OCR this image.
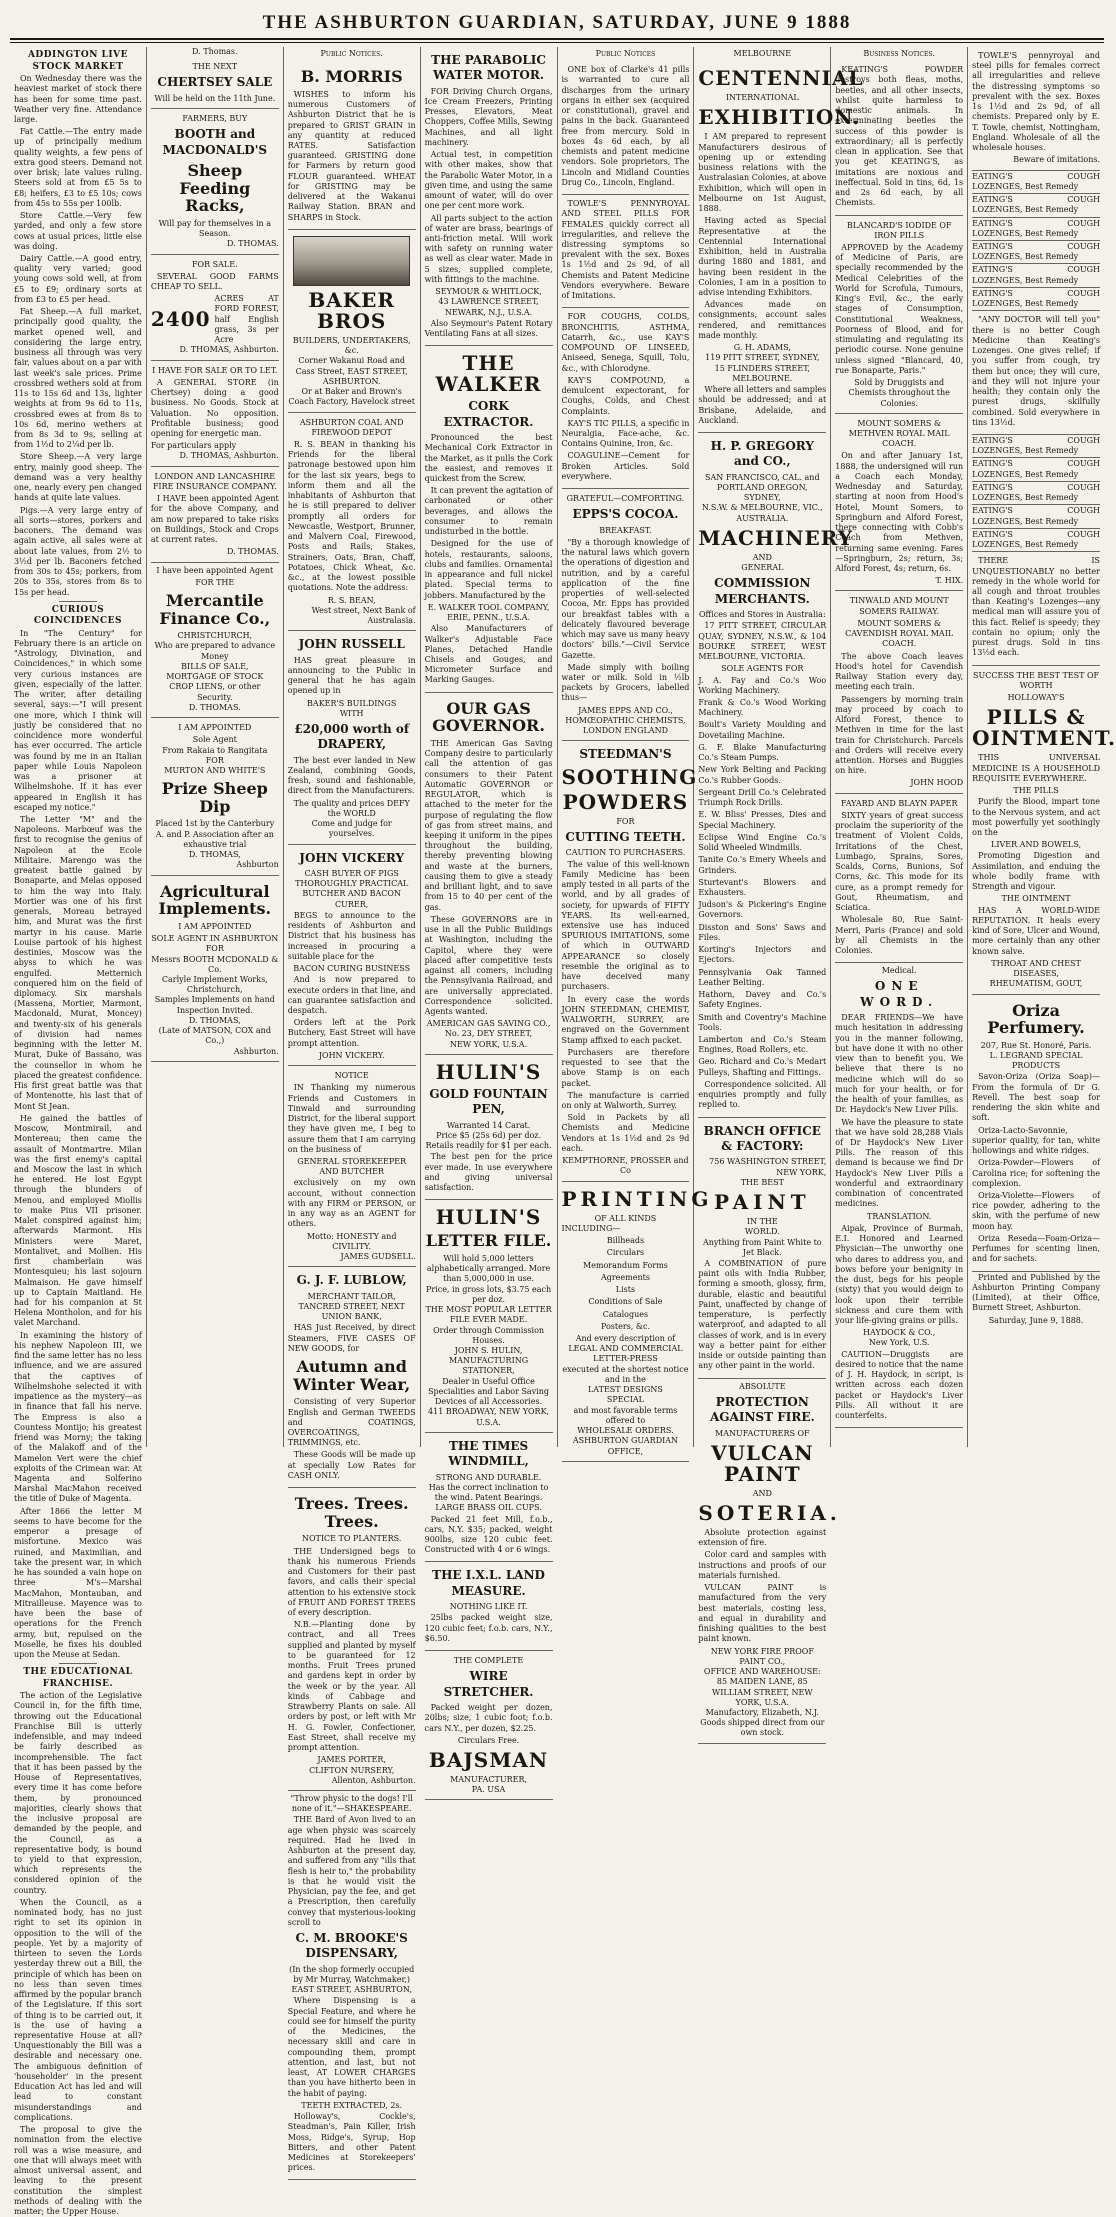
THE ASHBURTON GUARDIAN, SATURDAY, JUNE 9 1888
ADDINGTON LIVE STOCK MARKET

On Wednesday there was the heaviest market of stock there has been for some time past. Weather very fine. Attendance large.

Fat Cattle.—The entry made up of principally medium quality weights, a few pens of extra good steers. Demand not over brisk; late values ruling. Steers sold at from £5 5s to £8; heifers, £3 to £5 10s; cows from 45s to 55s per 100lb.

Store Cattle.—Very few yarded, and only a few store cows at usual prices, little else was doing.

Dairy Cattle.—A good entry, quality very varied; good young cows sold well, at from £5 to £9; ordinary sorts at from £3 to £5 per head.

Fat Sheep.—A full market, principally good quality, the market opened well, and considering the large entry, business all through was very fair, values about on a par with last week's sale prices. Prime crossbred wethers sold at from 11s to 15s 6d and 13s, lighter weights at from 9s 6d to 11s, crossbred ewes at from 8s to 10s 6d, merino wethers at from 8s 3d to 9s, selling at from 1½d to 2¼d per lb.

Store Sheep.—A very large entry, mainly good sheep. The demand was a very healthy one, nearly every pen changed hands at quite late values.

Pigs.—A very large entry of all sorts—stores, porkers and baconers. The demand was again active, all sales were at about late values, from 2½ to 3½d per lb. Baconers fetched from 30s to 45s; porkers, from 20s to 35s, stores from 8s to 15s per head.

CURIOUS COINCIDENCES

In "The Century" for February there is an article on "Astrology, Divination, and Coincidences," in which some very curious instances are given, especially of the latter. The writer, after detailing several, says:—"I will present one more, which I think will justly be considered that no coincidence more wonderful has ever occurred. The article was found by me in an Italian paper while Louis Napoleon was a prisoner at Wilhelmshohe. If it has ever appeared in English it has escaped my notice."

The Letter "M" and the Napoleons. Marbœuf was the first to recognise the genius of Napoleon at the Ecole Militaire. Marengo was the greatest battle gained by Bonaparte, and Melas opposed to him the way into Italy. Mortier was one of his first generals, Moreau betrayed him, and Murat was the first martyr in his cause. Marie Louise partook of his highest destinies, Moscow was the abyss to which he was engulfed. Metternich conquered him on the field of diplomacy. Six marshals (Massena, Mortier, Marmont, Macdonald, Murat, Moncey) and twenty-six of his generals of division had names beginning with the letter M. Murat, Duke of Bassano, was the counsellor in whom he placed the greatest confidence. His first great battle was that of Montenotte, his last that of Mont St Jean.

He gained the battles of Moscow, Montmirail, and Montereau; then came the assault of Montmartre. Milan was the first enemy's capital and Moscow the last in which he entered. He lost Egypt through the blunders of Menou, and employed Miollis to make Pius VII prisoner. Malet conspired against him; afterwards Marmont. His Ministers were Maret, Montalivet, and Mollien. His first chamberlain was Montesquieu; his last sojourn Malmaison. He gave himself up to Captain Maitland. He had for his companion at St Helena Montholon, and for his valet Marchand.

In examining the history of his nephew Napoleon III, we find the same letter has no less influence, and we are assured that the captives of Wilhelmshohe selected it with impatience as the mystery—as in finance that fall his nerve. The Empress is also a Countess Montijo; his greatest friend was Morny; the taking of the Malakoff and of the Mamelon Vert were the chief exploits of the Crimean war. At Magenta and Solferino Marshal MacMahon received the title of Duke of Magenta.

After 1866 the letter M seems to have become for the emperor a presage of misfortune. Mexico was ruined, and Maximilian, and take the present war, in which he has sounded a vain hope on three M's—Marshal MacMahon, Montauban, and Mitrailleuse. Mayence was to have been the base of operations for the French army, but, repulsed on the Moselle, he fixes his doubled upon the Meuse at Sedan.

THE EDUCATIONAL FRANCHISE.

The action of the Legislative Council in, for the fifth time, throwing out the Educational Franchise Bill is utterly indefensible, and may indeed be fairly described as incomprehensible. The fact that it has been passed by the House of Representatives, every time it has come before them, by pronounced majorities, clearly shows that the inclusive proposal are demanded by the people, and the Council, as a representative body, is bound to yield to that expression, which represents the considered opinion of the country.

When the Council, as a nominated body, has no just right to set its opinion in opposition to the will of the people. Yet by a majority of thirteen to seven the Lords yesterday threw out a Bill, the principle of which has been on no less than seven times affirmed by the popular branch of the Legislature. If this sort of thing is to be carried out, it is the use of having a representative House at all? Unquestionably the Bill was a desirable and necessary one. The ambiguous definition of 'householder' in the present Education Act has led and will lead to constant misunderstandings and complications.

The proposal to give the nomination from the elective roll was a wise measure, and one that will always meet with almost universal assent, and leaving to the present constitution the simplest methods of dealing with the matter; the Upper House.

D. Thomas.
THE NEXT
CHERTSEY SALE
Will be held on the 11th June.
FARMERS, BUY
BOOTH and MACDONALD'S
Sheep Feeding Racks,
Will pay for themselves in a Season.
D. THOMAS.
FOR SALE.

SEVERAL GOOD FARMS CHEAP TO SELL.

2400
ACRES AT FORD FOREST, half English grass, 3s per Acre
D. THOMAS, Ashburton.
I HAVE FOR SALE OR TO LET.

A GENERAL STORE (in Chertsey) doing a good business. No Goods. Stock at Valuation. No opposition. Profitable business; good opening for energetic man.

For particulars apply
D. THOMAS, Ashburton.
LONDON AND LANCASHIRE FIRE INSURANCE COMPANY.

I HAVE been appointed Agent for the above Company, and am now prepared to take risks on Buildings, Stock and Crops at current rates.

D. THOMAS.
I have been appointed Agent
FOR THE
Mercantile Finance Co.,
CHRISTCHURCH,
Who are prepared to advance Money
BILLS OF SALE,
MORTGAGE OF STOCK
CROP LIENS, or other Security.
D. THOMAS.
I AM APPOINTED
Sole Agent
From Rakaia to Rangitata
FOR
MURTON AND WHITE'S
Prize Sheep Dip
Placed 1st by the Canterbury A. and P. Association after an exhaustive trial
D. THOMAS,
Ashburton
Agricultural Implements.
I AM APPOINTED
SOLE AGENT IN ASHBURTON FOR
Messrs BOOTH MCDONALD & Co.
Carlyle Implement Works,
Christchurch,
Samples Implements on hand
Inspection Invited.
D. THOMAS,
(Late of MATSON, COX and Co.,)
Ashburton.
Public Notices.
B. MORRIS

WISHES to inform his numerous Customers of Ashburton District that he is prepared to GRIST GRAIN in any quantity at reduced RATES. Satisfaction guaranteed. GRISTING done for Farmers by return good FLOUR guaranteed. WHEAT for GRISTING may be delivered at the Wakanui Railway Station. BRAN and SHARPS in Stock.

BAKER BROS
BUILDERS, UNDERTAKERS, &c.
Corner Wakanui Road and Cass Street, EAST STREET, ASHBURTON.
Or at Baker and Brown's Coach Factory, Havelock street
ASHBURTON COAL AND FIREWOOD DEPOT

R. S. BEAN in thanking his Friends for the liberal patronage bestowed upon him for the last six years, begs to inform them and all the inhabitants of Ashburton that he is still prepared to deliver promptly all orders for Newcastle, Westport, Brunner, and Malvern Coal, Firewood, Posts and Rails, Stakes, Strainers, Oats, Bran, Chaff, Potatoes, Chick Wheat, &c. &c., at the lowest possible quotations. Note the address:

R. S. BEAN,
West street, Next Bank of Australasia.
JOHN RUSSELL

HAS great pleasure in announcing to the Public in general that he has again opened up in

BAKER'S BUILDINGS
WITH
£20,000 worth of DRAPERY,

The best ever landed in New Zealand, combining Goods, fresh, sound and fashionable, direct from the Manufacturers.

The quality and prices DEFY the WORLD
Come and judge for yourselves.
JOHN VICKERY
CASH BUYER OF PIGS
THOROUGHLY PRACTICAL BUTCHER AND BACON CURER,

BEGS to announce to the residents of Ashburton and District that his business has increased in procuring a suitable place for the

BACON CURING BUSINESS

And is now prepared to execute orders in that line, and can guarantee satisfaction and despatch.

Orders left at the Pork Butchery, East Street will have prompt attention.

JOHN VICKERY.
NOTICE

IN Thanking my numerous Friends and Customers in Tinwald and surrounding District, for the liberal support they have given me, I beg to assure them that I am carrying on the business of

GENERAL STOREKEEPER AND BUTCHER

exclusively on my own account, without connection with any FIRM or PERSON, or in any way as an AGENT for others.

Motto: HONESTY and CIVILITY.
JAMES GUDSELL.
G. J. F. LUBLOW,
MERCHANT TAILOR,
TANCRED STREET, NEXT UNION BANK,

HAS Just Received, by direct Steamers, FIVE CASES OF NEW GOODS, for

Autumn and Winter Wear,

Consisting of very Superior English and German TWEEDS and COATINGS, OVERCOATINGS, TRIMMINGS, etc.

These Goods will be made up at specially Low Rates for CASH ONLY.

Trees. Trees. Trees.
NOTICE TO PLANTERS.

THE Undersigned begs to thank his numerous Friends and Customers for their past favors, and calls their special attention to his extensive stock of FRUIT AND FOREST TREES of every description.

N.B.—Planting done by contract, and all Trees supplied and planted by myself to be guaranteed for 12 months. Fruit Trees pruned and gardens kept in order by the week or by the year. All kinds of Cabbage and Strawberry Plants on sale. All orders by post, or left with Mr H. G. Fowler, Confectioner, East Street, shall receive my prompt attention.

JAMES PORTER,
CLIFTON NURSERY,
Allenton, Ashburton.
"Throw physic to the dogs! I'll none of it."—SHAKESPEARE.

THE Bard of Avon lived to an age when physic was scarcely required. Had he lived in Ashburton at the present day, and suffered from any "ills that flesh is heir to," the probability is that he would visit the Physician, pay the fee, and get a Prescription, then carefully convey that mysterious-looking scroll to

C. M. BROOKE'S DISPENSARY,
(In the shop formerly occupied by Mr Murray, Watchmaker,)
EAST STREET, ASHBURTON,

Where Dispensing is a Special Feature, and where he could see for himself the purity of the Medicines, the necessary skill and care in compounding them, prompt attention, and last, but not least, AT LOWER CHARGES than you have hitherto been in the habit of paying.

TEETH EXTRACTED, 2s.

Holloway's, Cockle's, Steadman's, Pain Killer, Irish Moss, Ridge's, Syrup, Hop Bitters, and other Patent Medicines at Storekeepers' prices.

THE PARABOLIC WATER MOTOR.

FOR Driving Church Organs, Ice Cream Freezers, Printing Presses, Elevators, Meat Choppers, Coffee Mills, Sewing Machines, and all light machinery.

Actual test, in competition with other makes, show that the Parabolic Water Motor, in a given time, and using the same amount of water, will do over one per cent more work.

All parts subject to the action of water are brass, bearings of anti-friction metal. Will work with safety on running water as well as clear water. Made in 5 sizes, supplied complete, with fittings to the machine.

SEYMOUR & WHITLOCK,
43 LAWRENCE STREET,
NEWARK, N.J., U.S.A.

Also Seymour's Patent Rotary Ventilating Fans at all sizes.

THE WALKER
CORK EXTRACTOR.

Pronounced the best Mechanical Cork Extractor in the Market, as it pulls the Cork the easiest, and removes it quickest from the Screw.

It can prevent the agitation of carbonated or other beverages, and allows the consumer to remain undisturbed in the bottle.

Designed for the use of hotels, restaurants, saloons, clubs and families. Ornamental in appearance and full nickel plated. Special terms to jobbers. Manufactured by the

E. WALKER TOOL COMPANY,
ERIE, PENN., U.S.A.

Also Manufacturers of Walker's Adjustable Face Planes, Detached Handle Chisels and Gouges, and Micrometer Surface and Marking Gauges.

OUR GAS GOVERNOR.

THE American Gas Saving Company desire to particularly call the attention of gas consumers to their Patent Automatic GOVERNOR or REGULATOR, which is attached to the meter for the purpose of regulating the flow of gas from street mains, and keeping it uniform in the pipes throughout the building, thereby preventing blowing and waste at the burners, causing them to give a steady and brilliant light, and to save from 15 to 40 per cent of the gas.

These GOVERNORS are in use in all the Public Buildings at Washington, including the Capitol, where they were placed after competitive tests against all comers, including the Pennsylvania Railroad, and are universally appreciated. Correspondence solicited. Agents wanted.

AMERICAN GAS SAVING CO.,
No. 23, DEY STREET,
NEW YORK, U.S.A.
HULIN'S
GOLD FOUNTAIN PEN,
Warranted 14 Carat.
Price $5 (25s 6d) per doz. Retails readily for $1 per each.

The best pen for the price ever made. In use everywhere and giving universal satisfaction.

HULIN'S
LETTER FILE.
Will hold 5,000 letters alphabetically arranged. More than 5,000,000 in use.
Price, in gross lots, $3.75 each per doz.
THE MOST POPULAR LETTER FILE EVER MADE.
Order through Commission Houses.
JOHN S. HULIN,
MANUFACTURING STATIONER,
Dealer in Useful Office Specialities and Labor Saving Devices of all Accessories.
411 BROADWAY, NEW YORK, U.S.A.
THE TIMES WINDMILL,
STRONG AND DURABLE.
Has the correct inclination to the wind. Patent Bearings.
LARGE BRASS OIL CUPS.

Packed 21 feet Mill, f.o.b., cars, N.Y. $35; packed, weight 900lbs, size 120 cubic feet. Constructed with 4 or 6 wings.

THE I.X.L. LAND MEASURE.
NOTHING LIKE IT.

25lbs packed weight size, 120 cubic feet; f.o.b. cars, N.Y., $6.50.

THE COMPLETE
WIRE STRETCHER.

Packed weight per dozen, 20lbs; size, 1 cubic foot; f.o.b. cars N.Y., per dozen, $2.25.

Circulars Free.
BAJSMAN
MANUFACTURER,
PA. USA
Public Notices

ONE box of Clarke's 41 pills is warranted to cure all discharges from the urinary organs in either sex (acquired or constitutional), gravel and pains in the back. Guaranteed free from mercury. Sold in boxes 4s 6d each, by all chemists and patent medicine vendors. Sole proprietors, The Lincoln and Midland Counties Drug Co., Lincoln, England.

TOWLE'S PENNYROYAL AND STEEL PILLS FOR FEMALES quickly correct all irregularities, and relieve the distressing symptoms so prevalent with the sex. Boxes 1s 1½d and 2s 9d, of all Chemists and Patent Medicine Vendors everywhere. Beware of Imitations.

FOR COUGHS, COLDS, BRONCHITIS, ASTHMA, Catarrh, &c., use KAY'S COMPOUND OF LINSEED, Aniseed, Senega, Squill, Tolu, &c., with Chlorodyne.

KAY'S COMPOUND, a demulcent expectorant, for Coughs, Colds, and Chest Complaints.

KAY'S TIC PILLS, a specific in Neuralgia, Face-ache, &c. Contains Quinine, Iron, &c.

COAGULINE—Cement for Broken Articles. Sold everywhere.

GRATEFUL—COMFORTING.
EPPS'S COCOA.
BREAKFAST.

"By a thorough knowledge of the natural laws which govern the operations of digestion and nutrition, and by a careful application of the fine properties of well-selected Cocoa, Mr. Epps has provided our breakfast tables with a delicately flavoured beverage which may save us many heavy doctors' bills."—Civil Service Gazette.

Made simply with boiling water or milk. Sold in ½lb packets by Grocers, labelled thus—

JAMES EPPS AND CO.,
HOMŒOPATHIC CHEMISTS,
LONDON ENGLAND
STEEDMAN'S
SOOTHING
POWDERS
FOR
CUTTING TEETH.
CAUTION TO PURCHASERS.

The value of this well-known Family Medicine has been amply tested in all parts of the world, and by all grades of society, for upwards of FIFTY YEARS. Its well-earned, extensive use has induced SPURIOUS IMITATIONS, some of which in OUTWARD APPEARANCE so closely resemble the original as to have deceived many purchasers.

In every case the words JOHN STEEDMAN, CHEMIST, WALWORTH, SURREY, are engraved on the Government Stamp affixed to each packet.

Purchasers are therefore requested to see that the above Stamp is on each packet.

The manufacture is carried on only at Walworth, Surrey.

Sold in Packets by all Chemists and Medicine Vendors at 1s 1½d and 2s 9d each.

KEMPTHORNE, PROSSER and Co
PRINTING
OF ALL KINDS
INCLUDING—
Billheads
Circulars
Memorandum Forms
Agreements
Lists
Conditions of Sale
Catalogues
Posters, &c.
And every description of
LEGAL AND COMMERCIAL
LETTER-PRESS
executed at the shortest notice and in the
LATEST DESIGNS
SPECIAL
and most favorable terms offered to
WHOLESALE ORDERS.
ASHBURTON GUARDIAN
OFFICE,
MELBOURNE
CENTENNIAL
INTERNATIONAL
EXHIBITION.

I AM prepared to represent Manufacturers desirous of opening up or extending business relations with the Australasian Colonies, at above Exhibition, which will open in Melbourne on 1st August, 1888.

Having acted as Special Representative at the Centennial International Exhibition, held in Australia during 1880 and 1881, and having been resident in the Colonies, I am in a position to advise intending Exhibitors.

Advances made on consignments, account sales rendered, and remittances made monthly.

G. H. ADAMS,
119 PITT STREET, SYDNEY,
15 FLINDERS STREET, MELBOURNE.

Where all letters and samples should be addressed; and at Brisbane, Adelaide, and Auckland.

H. P. GREGORY and CO.,
SAN FRANCISCO, CAL. and
PORTLAND OREGON, SYDNEY,
N.S.W. & MELBOURNE, VIC.,
AUSTRALIA.
MACHINERY
AND
GENERAL
COMMISSION MERCHANTS.
Offices and Stores in Australia:

17 PITT STREET, CIRCULAR QUAY, SYDNEY, N.S.W., & 104 BOURKE STREET, WEST MELBOURNE, VICTORIA.

SOLE AGENTS FOR
J. A. Fay and Co.'s Woo Working Machinery.
Frank & Co.'s Wood Working Machinery.
Boult's Variety Moulding and Dovetailing Machine.
G. F. Blake Manufacturing Co.'s Steam Pumps.
New York Belting and Packing Co.'s Rubber Goods.
Sergeant Drill Co.'s Celebrated Triumph Rock Drills.
E. W. Bliss' Presses, Dies and Special Machinery.
Eclipse Wind Engine Co.'s Solid Wheeled Windmills.
Tanite Co.'s Emery Wheels and Grinders.
Sturtevant's Blowers and Exhausters.
Judson's & Pickering's Engine Governors.
Disston and Sons' Saws and Files.
Korting's Injectors and Ejectors.
Pennsylvania Oak Tanned Leather Belting.
Hathorn, Davey and Co.'s Safety Engines.
Smith and Coventry's Machine Tools.
Lamberton and Co.'s Steam Engines, Road Rollers, etc.
Geo. Richard and Co.'s Medart Pulleys, Shafting and Fittings.

Correspondence solicited. All enquiries promptly and fully replied to.

BRANCH OFFICE & FACTORY:
756 WASHINGTON STREET, NEW YORK,
THE BEST
PAINT
IN THE
WORLD.
Anything from Paint White to Jet Black.

A COMBINATION of pure paint oils with India Rubber, forming a smooth, glossy, firm, durable, elastic and beautiful Paint, unaffected by change of temperature, is perfectly waterproof, and adapted to all classes of work, and is in every way a better paint for either inside or outside painting than any other paint in the world.

ABSOLUTE
PROTECTION AGAINST FIRE.
MANUFACTURERS OF
VULCAN PAINT
AND
SOTERIA.

Absolute protection against extension of fire.

Color card and samples with instructions and proofs of our materials furnished.

VULCAN PAINT is manufactured from the very best materials, costing less, and equal in durability and finishing qualities to the best paint known.

NEW YORK FIRE PROOF PAINT CO.,
OFFICE AND WAREHOUSE:
85 MAIDEN LANE, 85 WILLIAM STREET, NEW YORK, U.S.A.
Manufactory, Elizabeth, N.J.
Goods shipped direct from our own stock.
Business Notices.

KEATING'S POWDER destroys both fleas, moths, beetles, and all other insects, whilst quite harmless to domestic animals. In exterminating beetles the success of this powder is extraordinary; all is perfectly clean in application. See that you get KEATING'S, as imitations are noxious and ineffectual. Sold in tins, 6d, 1s and 2s 6d each, by all Chemists.

BLANCARD'S IODIDE OF IRON PILLS

APPROVED by the Academy of Medicine of Paris, are specially recommended by the Medical Celebrities of the World for Scrofula, Tumours, King's Evil, &c., the early stages of Consumption, Constitutional Weakness, Poorness of Blood, and for stimulating and regulating its periodic course. None genuine unless signed "Blancard, 40, rue Bonaparte, Paris."

Sold by Druggists and Chemists throughout the Colonies.
MOUNT SOMERS & METHVEN ROYAL MAIL COACH.

On and after January 1st, 1888, the undersigned will run a Coach each Monday, Wednesday and Saturday, starting at noon from Hood's Hotel, Mount Somers, to Springburn and Alford Forest, there connecting with Cobb's Coach from Methven, returning same evening. Fares—Springburn, 2s; return, 3s; Alford Forest, 4s; return, 6s.

T. HIX.
TINWALD AND MOUNT SOMERS RAILWAY.
MOUNT SOMERS & CAVENDISH ROYAL MAIL COACH.

The above Coach leaves Hood's hotel for Cavendish Railway Station every day, meeting each train.

Passengers by morning train may proceed by coach to Alford Forest, thence to Methven in time for the last train for Christchurch. Parcels and Orders will receive every attention. Horses and Buggies on hire.

JOHN HOOD
FAYARD AND BLAYN PAPER

SIXTY years of great success proclaim the superiority of the treatment of Violent Colds, Irritations of the Chest, Lumbago, Sprains, Sores, Scalds, Corns, Bunions, Sof Corns, &c. This mode for its cure, as a prompt remedy for Gout, Rheumatism, and Sciatica.

Wholesale 80, Rue Saint-Merri, Paris (France) and sold by all Chemists in the Colonies.

Medical.
ONE WORD.

DEAR FRIENDS—We have much hesitation in addressing you in the manner following, but have done it with no other view than to benefit you. We believe that there is no medicine which will do so much for your health, or for the health of your families, as Dr. Haydock's New Liver Pills.

We have the pleasure to state that we have sold 28,288 Vials of Dr Haydock's New Liver Pills. The reason of this demand is because we find Dr Haydock's New Liver Pills a wonderful and extraordinary combination of concentrated medicines.

TRANSLATION.

Aipak, Province of Burmah, E.I. Honored and Learned Physician—The unworthy one who dares to address you, and bows before your benignity in the dust, begs for his people (sixty) that you would deign to look upon their terrible sickness and cure them with your life-giving grains or pills.

HAYDOCK & CO.,
New York, U.S.

CAUTION—Druggists are desired to notice that the name of J. H. Haydock, in script, is written across each dozen packet or Haydock's Liver Pills. All without it are counterfeits.

TOWLE'S pennyroyal and steel pills for females correct all irregularities and relieve the distressing symptoms so prevalent with the sex. Boxes 1s 1½d and 2s 9d, of all chemists. Prepared only by E. T. Towle, chemist, Nottingham, England. Wholesale of all the wholesale houses.

Beware of imitations.
EATING'S COUGH LOZENGES, Best Remedy
EATING'S COUGH LOZENGES, Best Remedy
EATING'S COUGH LOZENGES, Best Remedy
EATING'S COUGH LOZENGES, Best Remedy
EATING'S COUGH LOZENGES, Best Remedy
EATING'S COUGH LOZENGES, Best Remedy

"ANY DOCTOR will tell you" there is no better Cough Medicine than Keating's Lozenges. One gives relief; if you suffer from cough, try them but once; they will cure, and they will not injure your health; they contain only the purest drugs, skilfully combined. Sold everywhere in tins 13½d.

EATING'S COUGH LOZENGES, Best Remedy
EATING'S COUGH LOZENGES, Best Remedy
EATING'S COUGH LOZENGES, Best Remedy
EATING'S COUGH LOZENGES, Best Remedy
EATING'S COUGH LOZENGES, Best Remedy

THERE IS UNQUESTIONABLY no better remedy in the whole world for all cough and throat troubles than Keating's Lozenges—any medical man will assure you of this fact. Relief is speedy; they contain no opium; only the purest drugs. Sold in tins 13½d each.

SUCCESS THE BEST TEST OF WORTH
HOLLOWAY'S
PILLS & OINTMENT.

THIS UNIVERSAL MEDICINE IS A HOUSEHOLD REQUISITE EVERYWHERE.

THE PILLS

Purify the Blood, impart tone to the Nervous system, and act most powerfully yet soothingly on the

LIVER AND BOWELS,

Promoting Digestion and Assimilation, and enduing the whole bodily frame with Strength and vigour.

THE OINTMENT

HAS A WORLD-WIDE REPUTATION. It heals every kind of Sore, Ulcer and Wound, more certainly than any other known salve.

THROAT AND CHEST DISEASES,
RHEUMATISM, GOUT,
Oriza Perfumery.
207, Rue St. Honoré, Paris.
L. LEGRAND SPECIAL PRODUCTS

Savon-Oriza (Oriza Soap)—From the formula of Dr G. Revell. The best soap for rendering the skin white and soft.

Oriza-Lacto-Savonnie, superior quality, for tan, white hollowings and white ridges.

Oriza-Powder—Flowers of Carolina rice; for softening the complexion.

Oriza-Violette—Flowers of rice powder, adhering to the skin, with the perfume of new moon hay.

Oriza Reseda—Foam-Oriza—Perfumes for scenting linen, and for sachets.

Printed and Published by the Ashburton Printing Company (Limited), at their Office, Burnett Street, Ashburton.

Saturday, June 9, 1888.
